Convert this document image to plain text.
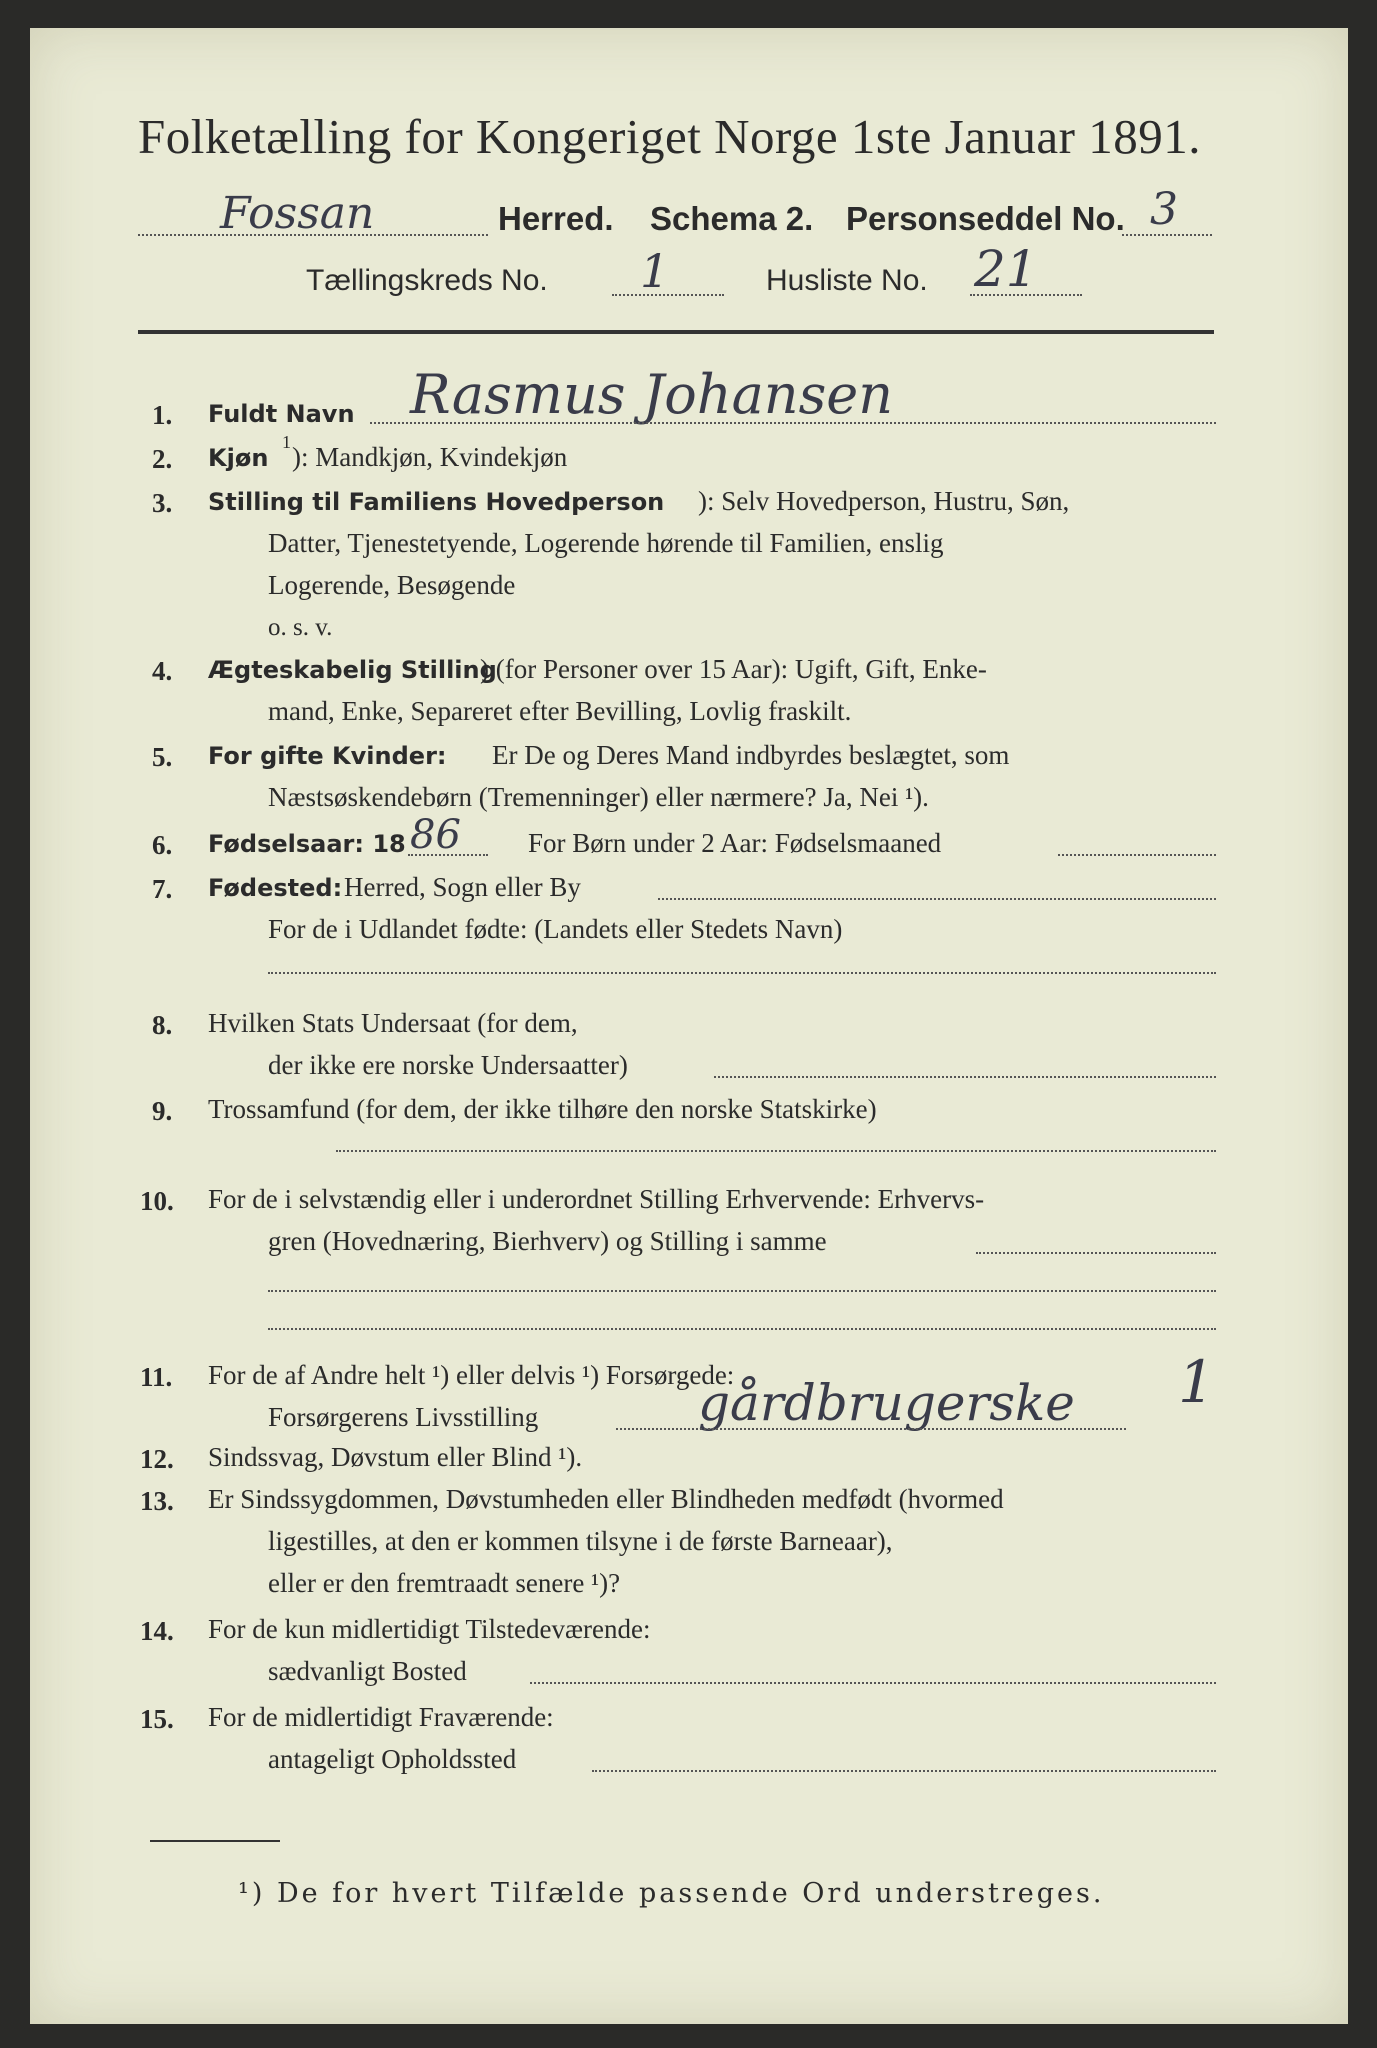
Folketælling for Kongeriget Norge 1ste Januar 1891.
Fossan	Herred. Schema 2. Personseddel No. 3
Tællingskreds No. 1	Husliste No. 21
1. Fuldt Navn Rasmus Johansen
2. Kjøn
1 ): Mandkjøn, Kvindekjøn
3. Stilling til Familiens Hovedperson ): Selv Hovedperson, Hustru, Søn,
Datter, Tjenestetyende, Logerende hørende til Familien, enslig
Logerende, Besøgende
o. s. v.
4. Ægteskabelig Stilling
) (for Personer over 15 Aar): Ugift, Gift, Enke-
mand, Enke, Separeret efter Bevilling, Lovlig fraskilt.
5. For gifte Kvinder: Er De og Deres Mand indbyrdes beslægtet, som
Næstsøskendebørn (Tremenninger) eller nærmere? Ja, Nei ¹).
6. Fødselsaar: 18 86 For Børn under 2 Aar: Fødselsmaaned
7. Fødested: Herred, Sogn eller By
For de i Udlandet fødte: (Landets eller Stedets Navn)
8. Hvilken Stats Undersaat (for dem,
der ikke ere norske Undersaatter)
9. Trossamfund (for dem, der ikke tilhøre den norske Statskirke)
10. For de i selvstændig eller i underordnet Stilling Erhvervende: Erhvervs-
gren (Hovednæring, Bierhverv) og Stilling i samme
11. For de af Andre helt ¹) eller delvis ¹) Forsørgede:
Forsørgerens Livsstilling	gårdbrugerske 1
12. Sindssvag, Døvstum eller Blind ¹).
13. Er Sindssygdommen, Døvstumheden eller Blindheden medfødt (hvormed
ligestilles, at den er kommen tilsyne i de første Barneaar),
eller er den fremtraadt senere ¹)?
14. For de kun midlertidigt Tilstedeværende:
sædvanligt Bosted
15. For de midlertidigt Fraværende:
antageligt Opholdssted
¹) De for hvert Tilfælde passende Ord understreges.
